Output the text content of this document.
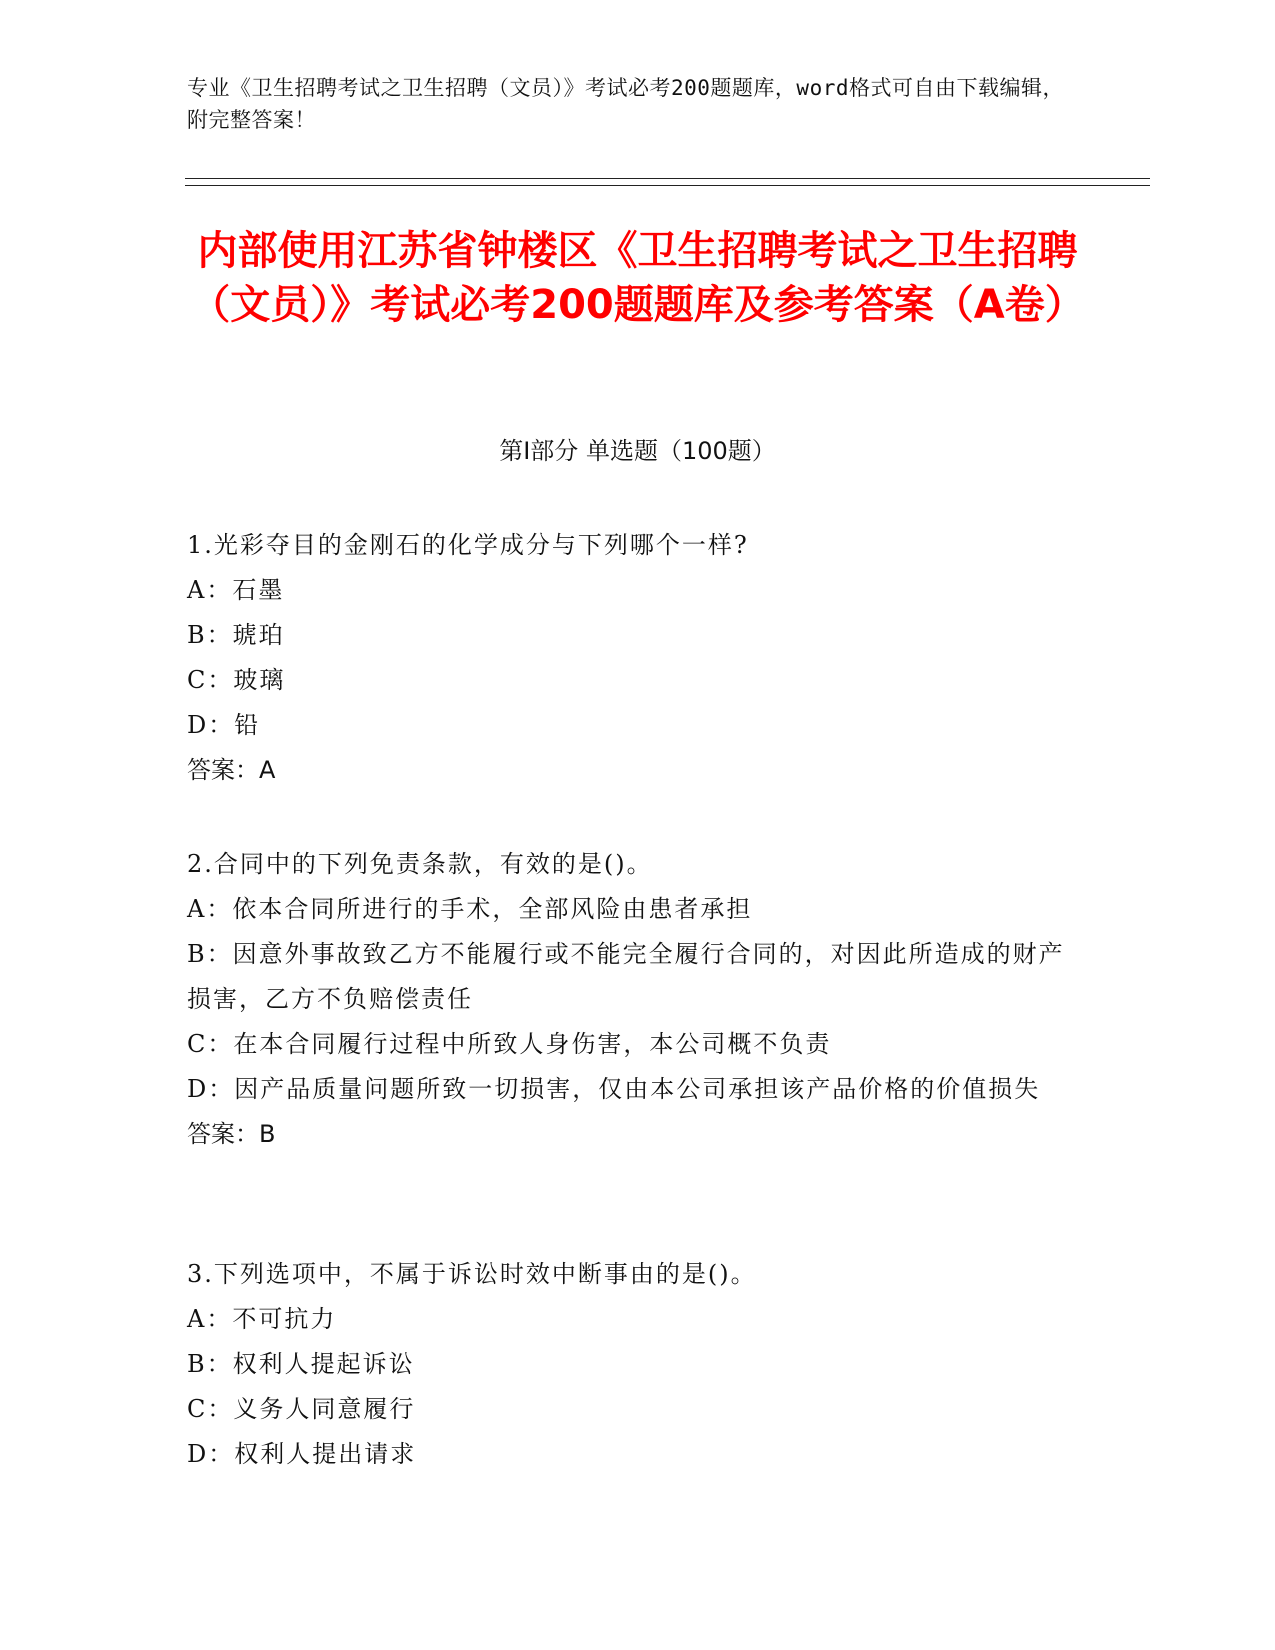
专业《卫生招聘考试之卫生招聘（文员）》考试必考200题题库，word格式可自由下载编辑，附完整答案！
内部使用江苏省钟楼区《卫生招聘考试之卫生招聘（文员）》考试必考200题题库及参考答案（A卷）
第Ⅰ部分 单选题（100题）
1.光彩夺目的金刚石的化学成分与下列哪个一样?
A：石墨
B：琥珀
C：玻璃
D：铅
答案：A
2.合同中的下列免责条款，有效的是()。
A：依本合同所进行的手术，全部风险由患者承担
B：因意外事故致乙方不能履行或不能完全履行合同的，对因此所造成的财产损害，乙方不负赔偿责任
C：在本合同履行过程中所致人身伤害，本公司概不负责
D：因产品质量问题所致一切损害，仅由本公司承担该产品价格的价值损失
答案：B
3.下列选项中，不属于诉讼时效中断事由的是()。
A：不可抗力
B：权利人提起诉讼
C：义务人同意履行
D：权利人提出请求
